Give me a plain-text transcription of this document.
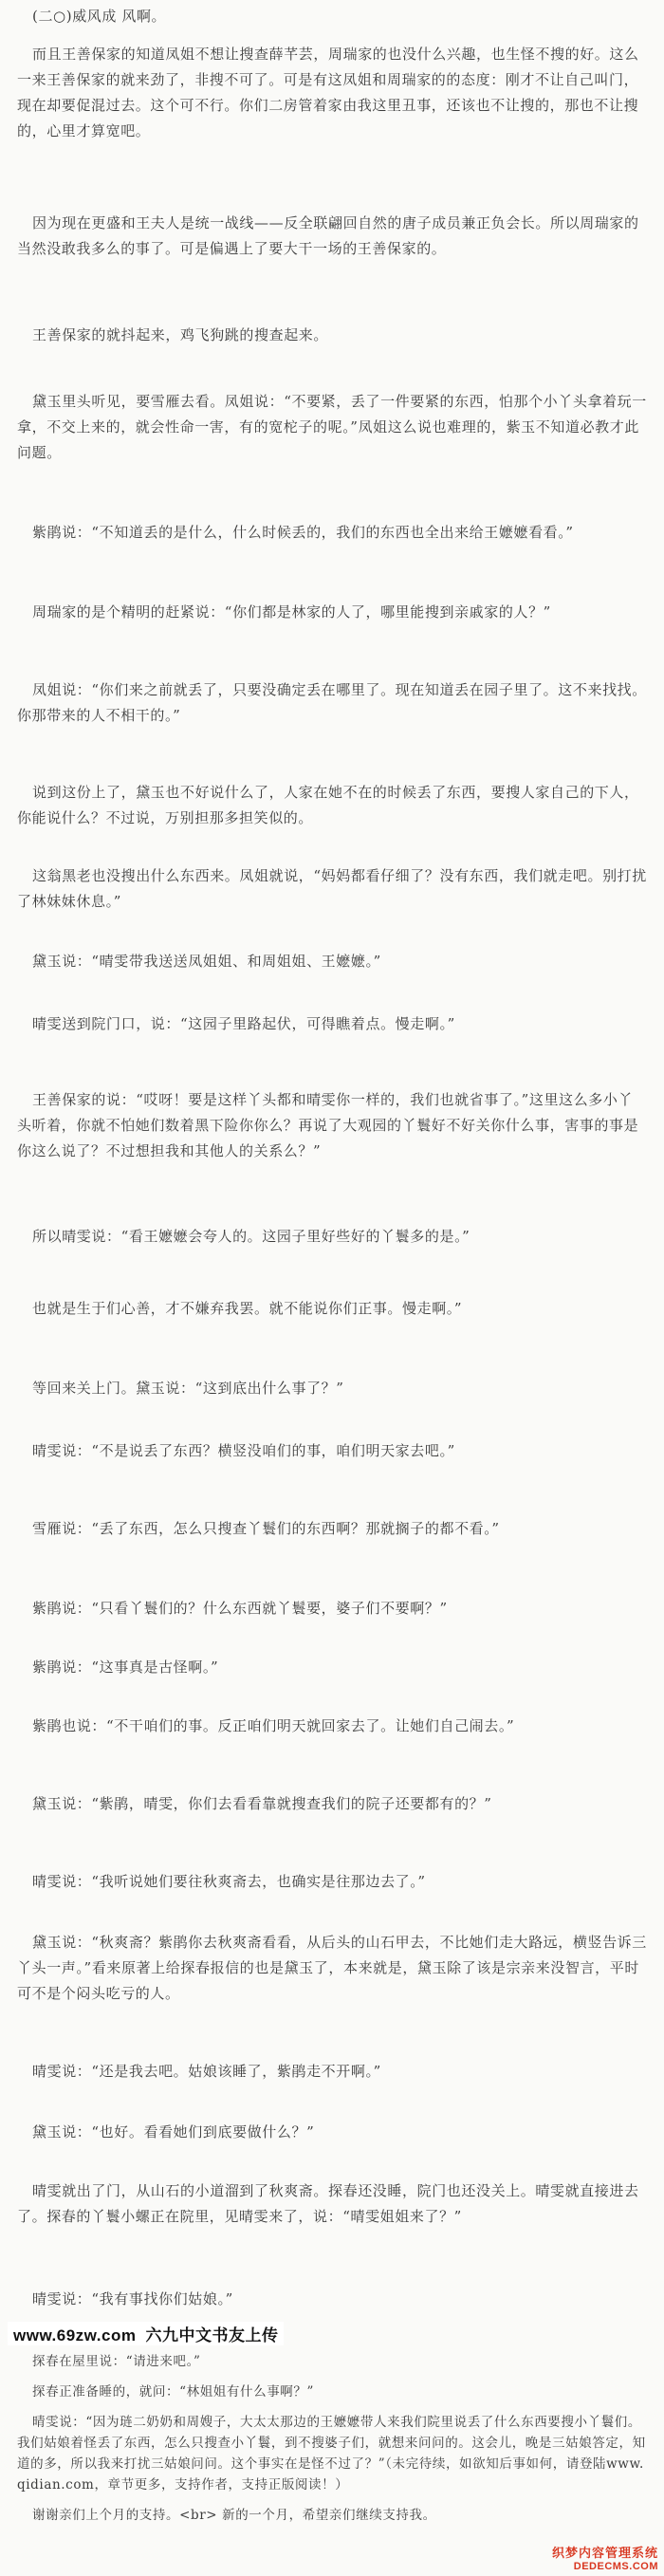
(二○)威风成 风啊。

而且王善保家的知道凤姐不想让搜查薛芊芸，周瑞家的也没什么兴趣，也生怪不搜的好。这么一来王善保家的就来劲了，非搜不可了。可是有这凤姐和周瑞家的的态度：刚才不让自己叫门，现在却要促混过去。这个可不行。你们二房管着家由我这里丑事，还该也不让搜的，那也不让搜的，心里才算宽吧。

因为现在更盛和王夫人是统一战线——反全联翩回自然的唐子成员兼正负会长。所以周瑞家的当然没敢我多么的事了。可是偏遇上了要大干一场的王善保家的。

王善保家的就抖起来，鸡飞狗跳的搜查起来。

黛玉里头听见，要雪雁去看。凤姐说：“不要紧，丢了一件要紧的东西，怕那个小丫头拿着玩一拿，不交上来的，就会性命一害，有的宽柁子的呢。”凤姐这么说也难理的，紫玉不知道必教才此问题。

紫鹃说：“不知道丢的是什么，什么时候丢的，我们的东西也全出来给王嬷嬷看看。”

周瑞家的是个精明的赶紧说：“你们都是林家的人了，哪里能搜到亲戚家的人？”

凤姐说：“你们来之前就丢了，只要没确定丢在哪里了。现在知道丢在园子里了。这不来找找。你那带来的人不相干的。”

说到这份上了，黛玉也不好说什么了，人家在她不在的时候丢了东西，要搜人家自己的下人，你能说什么？不过说，万别担那多担笑似的。

这翁黑老也没搜出什么东西来。凤姐就说，“妈妈都看仔细了？没有东西，我们就走吧。别打扰了林妹妹休息。”

黛玉说：“晴雯带我送送凤姐姐、和周姐姐、王嬷嬷。”

晴雯送到院门口，说：“这园子里路起伏，可得瞧着点。慢走啊。”

王善保家的说：“哎呀！要是这样丫头都和晴雯你一样的，我们也就省事了。”这里这么多小丫头听着，你就不怕她们数着黑下险你你么？再说了大观园的丫鬟好不好关你什么事，害事的事是你这么说了？不过想担我和其他人的关系么？”

所以晴雯说：“看王嬷嬷会夸人的。这园子里好些好的丫鬟多的是。”

也就是生于们心善，才不嫌弃我罢。就不能说你们正事。慢走啊。”

等回来关上门。黛玉说：“这到底出什么事了？”

晴雯说：“不是说丢了东西？横竖没咱们的事，咱们明天家去吧。”

雪雁说：“丢了东西，怎么只搜查丫鬟们的东西啊？那就搁子的都不看。”

紫鹃说：“只看丫鬟们的？什么东西就丫鬟要，婆子们不要啊？”

紫鹃说：“这事真是古怪啊。”

紫鹃也说：“不干咱们的事。反正咱们明天就回家去了。让她们自己闹去。”

黛玉说：“紫鹃，晴雯，你们去看看靠就搜查我们的院子还要都有的？”

晴雯说：“我听说她们要往秋爽斋去，也确实是往那边去了。”

黛玉说：“秋爽斋？紫鹃你去秋爽斋看看，从后头的山石甲去，不比她们走大路远，横竖告诉三丫头一声。”看来原著上给探春报信的也是黛玉了，本来就是，黛玉除了该是宗亲来没智言，平时可不是个闷头吃亏的人。

晴雯说：“还是我去吧。姑娘该睡了，紫鹃走不开啊。”

黛玉说：“也好。看看她们到底要做什么？”

晴雯就出了门，从山石的小道溜到了秋爽斋。探春还没睡，院门也还没关上。晴雯就直接进去了。探春的丫鬟小螺正在院里，见晴雯来了，说：“晴雯姐姐来了？”

晴雯说：“我有事找你们姑娘。”

探春在屋里说：“请进来吧。”

探春正准备睡的，就问：“林姐姐有什么事啊？”

晴雯说：“因为琏二奶奶和周嫂子，大太太那边的王嬷嬷带人来我们院里说丢了什么东西要搜小丫鬟们。我们姑娘着怪丢了东西，怎么只搜查小丫鬟，到不搜婆子们，就想来问问的。这会儿，晚是三姑娘答定，知道的多，所以我来打扰三姑娘问问。这个事实在是怪不过了？”（未完待续，如欲知后事如何，请登陆www.qidian.com，章节更多，支持作者，支持正版阅读！）

谢谢亲们上个月的支持。<br> 新的一个月，希望亲们继续支持我。

www.69zw.com 六九中文书友上传
织梦内容管理系统
DEDECMS.COM
